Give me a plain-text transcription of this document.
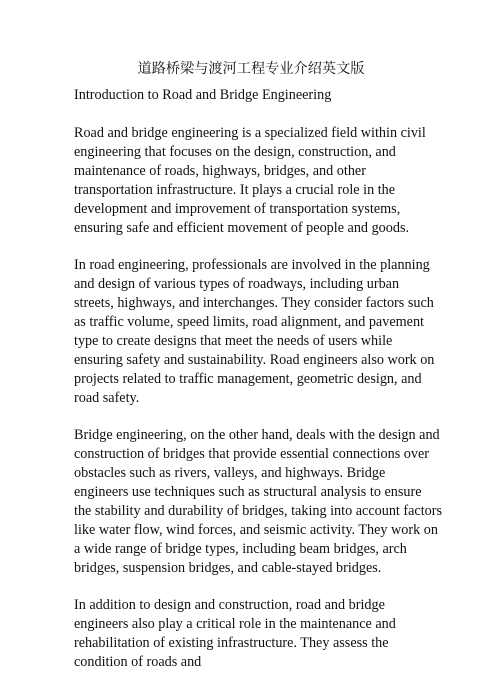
道路桥梁与渡河工程专业介绍英文版

Introduction to Road and Bridge Engineering

Road and bridge engineering is a specialized field within civil engineering that focuses on the design, construction, and maintenance of roads, highways, bridges, and other transportation infrastructure. It plays a crucial role in the development and improvement of transportation systems, ensuring safe and efficient movement of people and goods.

In road engineering, professionals are involved in the planning and design of various types of roadways, including urban streets, highways, and interchanges. They consider factors such as traffic volume, speed limits, road alignment, and pavement type to create designs that meet the needs of users while ensuring safety and sustainability. Road engineers also work on projects related to traffic management, geometric design, and road safety.

Bridge engineering, on the other hand, deals with the design and construction of bridges that provide essential connections over obstacles such as rivers, valleys, and highways. Bridge engineers use techniques such as structural analysis to ensure the stability and durability of bridges, taking into account factors like water flow, wind forces, and seismic activity. They work on a wide range of bridge types, including beam bridges, arch bridges, suspension bridges, and cable-stayed bridges.

In addition to design and construction, road and bridge engineers also play a critical role in the maintenance and rehabilitation of existing infrastructure. They assess the condition of roads and
